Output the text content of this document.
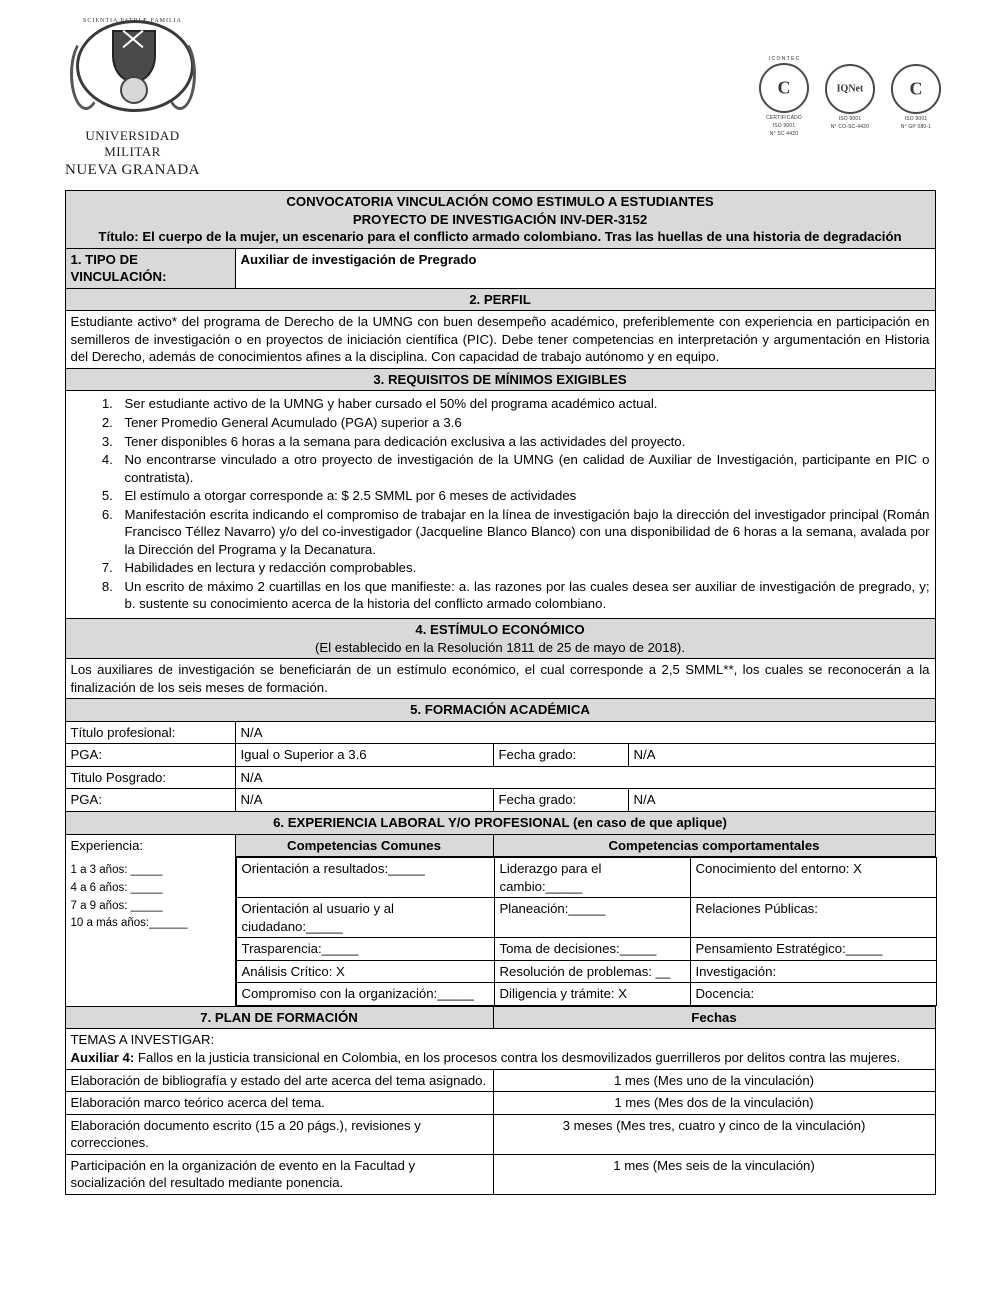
SCIENTIA PATRIÆ FAMILIA
UNIVERSIDAD MILITAR
NUEVA GRANADA
I C O N T E C
C
CERTIFICADO
ISO 9001
N° SC 4420
IQNet
ISO 9001
N° CO-SC-4420
C
ISO 9001
N° GP 080-1
CONVOCATORIA VINCULACIÓN COMO ESTIMULO A ESTUDIANTES
PROYECTO DE INVESTIGACIÓN INV-DER-3152
Título: El cuerpo de la mujer, un escenario para el conflicto armado colombiano. Tras las huellas de una historia de degradación

1. TIPO DE VINCULACIÓN:	Auxiliar de investigación de Pregrado
2. PERFIL
Estudiante activo* del programa de Derecho de la UMNG con buen desempeño académico, preferiblemente con experiencia en participación en semilleros de investigación o en proyectos de iniciación científica (PIC). Debe tener competencias en interpretación y argumentación en Historia del Derecho, además de conocimientos afines a la disciplina. Con capacidad de trabajo autónomo y en equipo.
3. REQUISITOS DE MÍNIMOS EXIGIBLES

1. Ser estudiante activo de la UMNG y haber cursado el 50% del programa académico actual.
2. Tener Promedio General Acumulado (PGA) superior a 3.6
3. Tener disponibles 6 horas a la semana para dedicación exclusiva a las actividades del proyecto.
4. No encontrarse vinculado a otro proyecto de investigación de la UMNG (en calidad de Auxiliar de Investigación, participante en PIC o contratista).
5. El estímulo a otorgar corresponde a: $ 2.5 SMML por 6 meses de actividades
6. Manifestación escrita indicando el compromiso de trabajar en la línea de investigación bajo la dirección del investigador principal (Román Francisco Téllez Navarro) y/o del co-investigador (Jacqueline Blanco Blanco) con una disponibilidad de 6 horas a la semana, avalada por la Dirección del Programa y la Decanatura.
7. Habilidades en lectura y redacción comprobables.
8. Un escrito de máximo 2 cuartillas en los que manifieste: a. las razones por las cuales desea ser auxiliar de investigación de pregrado, y; b. sustente su conocimiento acerca de la historia del conflicto armado colombiano.

4. ESTÍMULO ECONÓMICO
(El establecido en la Resolución 1811 de 25 de mayo de 2018).

Los auxiliares de investigación se beneficiarán de un estímulo económico, el cual corresponde a 2,5 SMML**, los cuales se reconocerán a la finalización de los seis meses de formación.
5. FORMACIÓN ACADÉMICA
Título profesional:	N/A
PGA:	Igual o Superior a 3.6	Fecha grado:	N/A
Titulo Posgrado:	N/A
PGA:	N/A	Fecha grado:	N/A
6. EXPERIENCIA LABORAL Y/O PROFESIONAL (en caso de que aplique)

Experiencia:
1 a 3 años: _____
4 a 6 años: _____
7 a 9 años: _____
10 a más años:______
	Competencias Comunes	Competencias comportamentales

Orientación a resultados:_____	Liderazgo para el cambio:_____	Conocimiento del entorno: X
Orientación al usuario y al ciudadano:_____	Planeación:_____	Relaciones Públicas:
Trasparencia:_____	Toma de decisiones:_____	Pensamiento Estratégico:_____
Análisis Crítico: X	Resolución de problemas: __	Investigación:
Compromiso con la organización:_____	Diligencia y trámite: X	Docencia:

7. PLAN DE FORMACIÓN	Fechas

TEMAS A INVESTIGAR:
Auxiliar 4: Fallos en la justicia transicional en Colombia, en los procesos contra los desmovilizados guerrilleros por delitos contra las mujeres.

Elaboración de bibliografía y estado del arte acerca del tema asignado.	1 mes (Mes uno de la vinculación)
Elaboración marco teórico acerca del tema.	1 mes (Mes dos de la vinculación)
Elaboración documento escrito (15 a 20 págs.), revisiones y correcciones.	3 meses (Mes tres, cuatro y cinco de la vinculación)
Participación en la organización de evento en la Facultad y socialización del resultado mediante ponencia.	1 mes (Mes seis de la vinculación)
